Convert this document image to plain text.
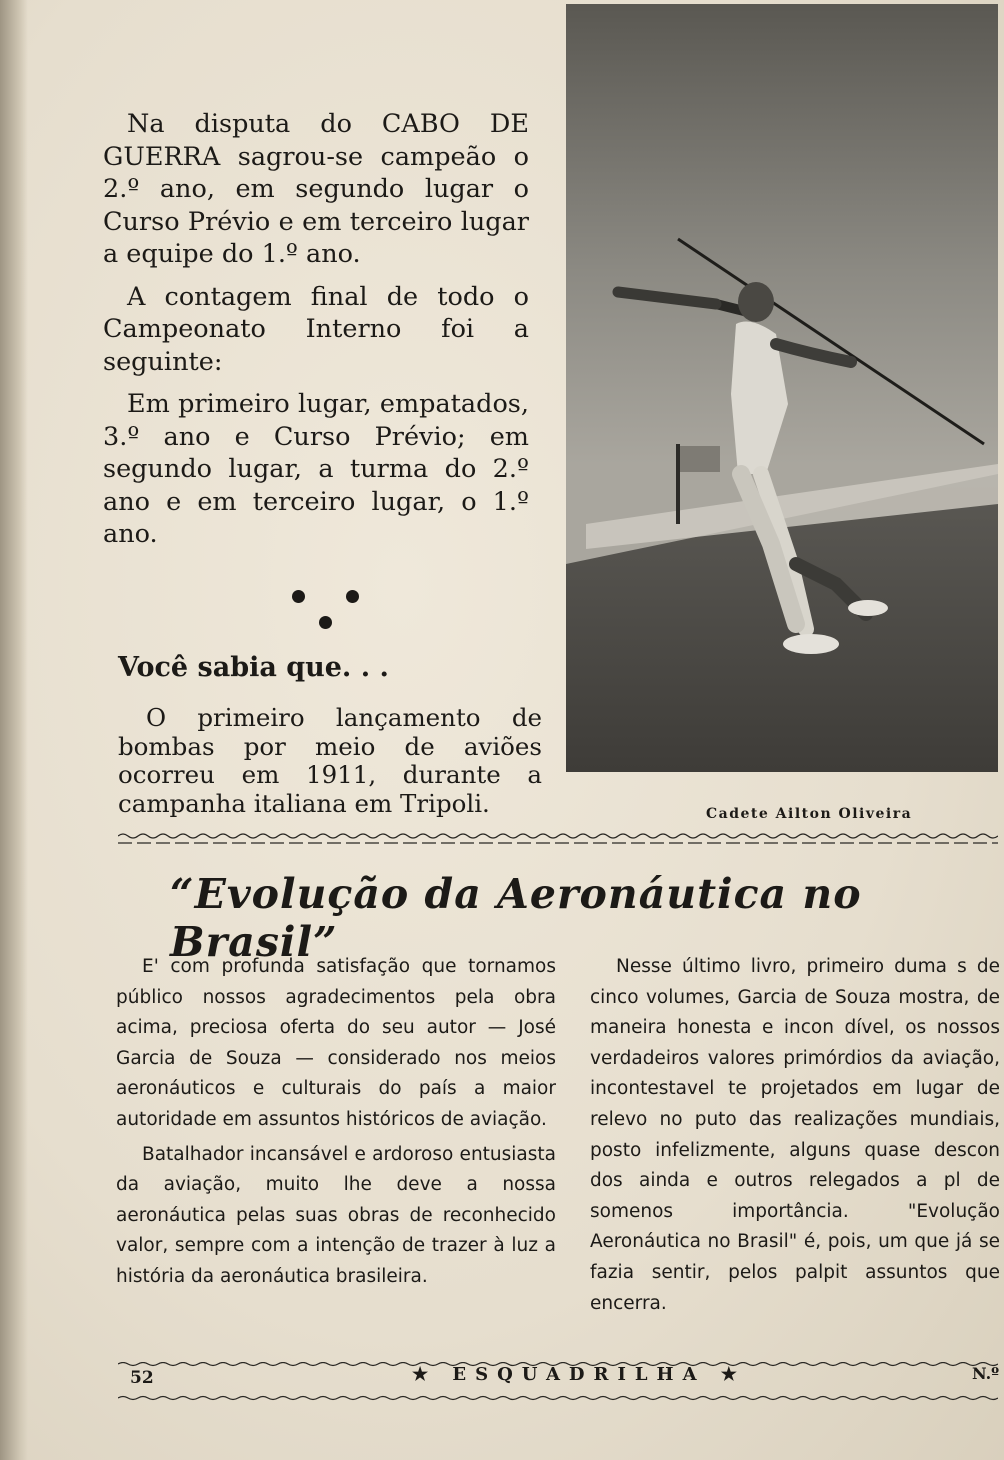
Na disputa do CABO DE GUERRA sagrou-se campeão o 2.º ano, em segundo lugar o Curso Prévio e em terceiro lugar a equipe do 1.º ano.

A contagem final de todo o Campeonato Interno foi a seguinte:

Em primeiro lugar, empatados, 3.º ano e Curso Prévio; em segundo lugar, a turma do 2.º ano e em terceiro lugar, o 1.º ano.

Você sabia que. . .

O primeiro lançamento de bombas por meio de aviões ocorreu em 1911, durante a campanha italiana em Tripoli.	Cadete Ailton Oliveira
“Evolução da Aeronáutica no Brasil”

E' com profunda satisfação que tornamos público nossos agradecimentos pela obra acima, preciosa oferta do seu autor — José Garcia de Souza — considerado nos meios aeronáuticos e culturais do país a maior autoridade em assuntos históricos de aviação.

Batalhador incansável e ardoroso entusiasta da aviação, muito lhe deve a nossa aeronáutica pelas suas obras de reconhecido valor, sempre com a intenção de trazer à luz a história da aeronáutica brasileira.

Nesse último livro, primeiro duma s de cinco volumes, Garcia de Souza mostra, de maneira honesta e incon dível, os nossos verdadeiros valores primórdios da aviação, incontestavel te projetados em lugar de relevo no puto das realizações mundiais, posto infelizmente, alguns quase descon dos ainda e outros relegados a pl de somenos importância. "Evolução Aeronáutica no Brasil" é, pois, um que já se fazia sentir, pelos palpit assuntos que encerra.

52	★ ESQUADRILHA ★	N.º
